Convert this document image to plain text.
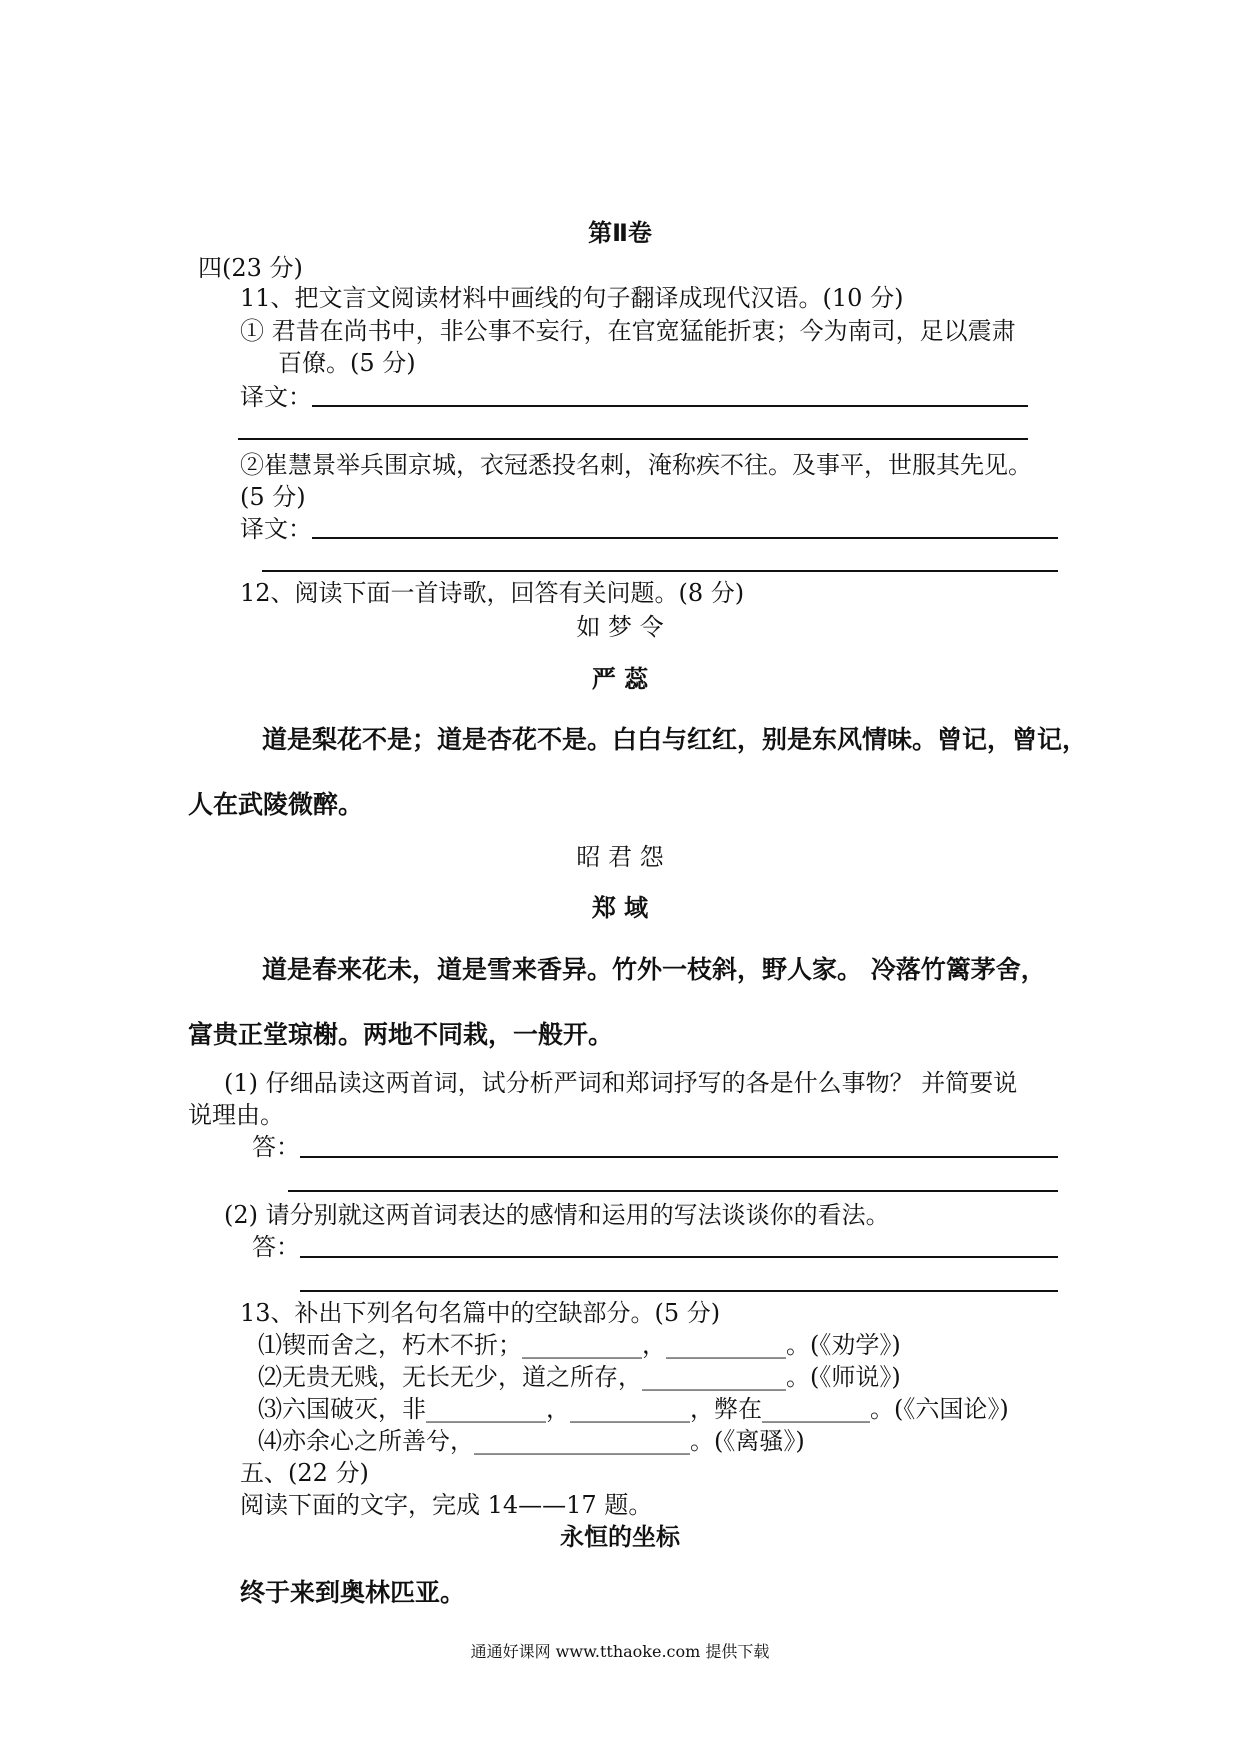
第Ⅱ卷
四(23 分)
11、把文言文阅读材料中画线的句子翻译成现代汉语。(10 分)
① 君昔在尚书中，非公事不妄行，在官宽猛能折衷；今为南司，足以震肃
百僚。(5 分)
译文：
②崔慧景举兵围京城，衣冠悉投名刺，淹称疾不往。及事平，世服其先见。
(5 分)
译文：
12、阅读下面一首诗歌，回答有关问题。(8 分)
如 梦 令
严 蕊
道是梨花不是；道是杏花不是。白白与红红，别是东风情味。曾记，曾记，
人在武陵微醉。
昭 君 怨
郑 域
道是春来花未，道是雪来香异。竹外一枝斜，野人家。 冷落竹篱茅舍，
富贵正堂琼榭。两地不同栽，一般开。
(1) 仔细品读这两首词，试分析严词和郑词抒写的各是什么事物？ 并简要说
说理由。
答：
(2) 请分别就这两首词表达的感情和运用的写法谈谈你的看法。
答：
13、补出下列名句名篇中的空缺部分。(5 分)
⑴锲而舍之，朽木不折；__________，__________。(《劝学》)
⑵无贵无贱，无长无少，道之所存，____________。(《师说》)
⑶六国破灭，非__________，__________，弊在_________。(《六国论》)
⑷亦余心之所善兮，__________________。(《离骚》)
五、(22 分)
阅读下面的文字，完成 14——17 题。
永恒的坐标
终于来到奥林匹亚。
通通好课网 www.tthaoke.com 提供下载
